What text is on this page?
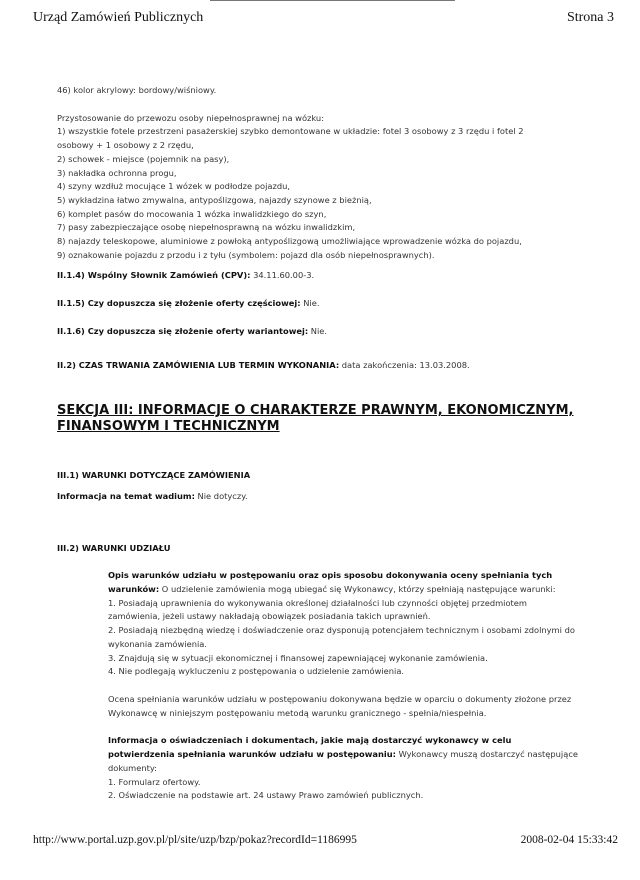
Urząd Zamówień Publicznych	Strona 3

46) kolor akrylowy: bordowy/wiśniowy.

Przystosowanie do przewozu osoby niepełnosprawnej na wózku:

1) wszystkie fotele przestrzeni pasażerskiej szybko demontowane w układzie: fotel 3 osobowy z 3 rzędu i fotel 2

osobowy + 1 osobowy z 2 rzędu,

2) schowek - miejsce (pojemnik na pasy),

3) nakładka ochronna progu,

4) szyny wzdłuż mocujące 1 wózek w podłodze pojazdu,

5) wykładzina łatwo zmywalna, antypoślizgowa, najazdy szynowe z bieżnią,

6) komplet pasów do mocowania 1 wózka inwalidzkiego do szyn,

7) pasy zabezpieczające osobę niepełnosprawną na wózku inwalidzkim,

8) najazdy teleskopowe, aluminiowe z powłoką antypoślizgową umożliwiające wprowadzenie wózka do pojazdu,

9) oznakowanie pojazdu z przodu i z tyłu (symbolem: pojazd dla osób niepełnosprawnych).

II.1.4) Wspólny Słownik Zamówień (CPV): 34.11.60.00-3.

II.1.5) Czy dopuszcza się złożenie oferty częściowej: Nie.

II.1.6) Czy dopuszcza się złożenie oferty wariantowej: Nie.

II.2) CZAS TRWANIA ZAMÓWIENIA LUB TERMIN WYKONANIA: data zakończenia: 13.03.2008.

SEKCJA III: INFORMACJE O CHARAKTERZE PRAWNYM, EKONOMICZNYM,

FINANSOWYM I TECHNICZNYM

III.1) WARUNKI DOTYCZĄCE ZAMÓWIENIA

Informacja na temat wadium: Nie dotyczy.

III.2) WARUNKI UDZIAŁU

Opis warunków udziału w postępowaniu oraz opis sposobu dokonywania oceny spełniania tych warunków: O udzielenie zamówienia mogą ubiegać się Wykonawcy, którzy spełniają następujące warunki:

1. Posiadają uprawnienia do wykonywania określonej działalności lub czynności objętej przedmiotem zamówienia, jeżeli ustawy nakładają obowiązek posiadania takich uprawnień.

2. Posiadają niezbędną wiedzę i doświadczenie oraz dysponują potencjałem technicznym i osobami zdolnymi do wykonania zamówienia.

3. Znajdują się w sytuacji ekonomicznej i finansowej zapewniającej wykonanie zamówienia.

4. Nie podlegają wykluczeniu z postępowania o udzielenie zamówienia.

Ocena spełniania warunków udziału w postępowaniu dokonywana będzie w oparciu o dokumenty złożone przez Wykonawcę w niniejszym postępowaniu metodą warunku granicznego - spełnia/niespełnia.

Informacja o oświadczeniach i dokumentach, jakie mają dostarczyć wykonawcy w celu potwierdzenia spełniania warunków udziału w postępowaniu: Wykonawcy muszą dostarczyć następujące dokumenty:

1. Formularz ofertowy.

2. Oświadczenie na podstawie art. 24 ustawy Prawo zamówień publicznych.

http://www.portal.uzp.gov.pl/pl/site/uzp/bzp/pokaz?recordId=1186995	2008-02-04 15:33:42
